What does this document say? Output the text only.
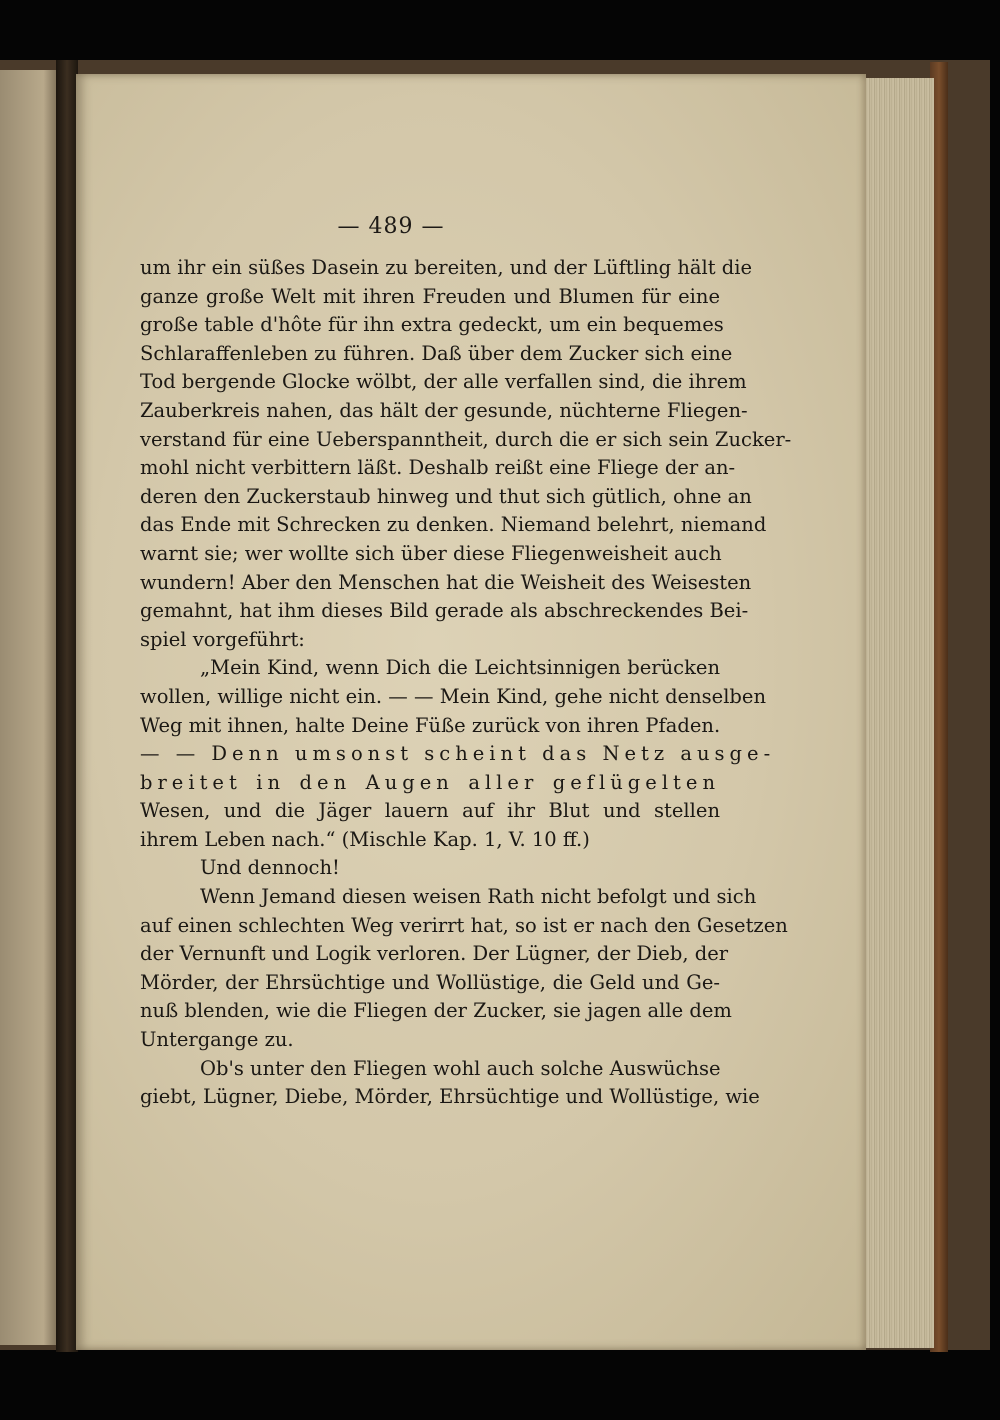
— 489 —
um ihr ein süßes Dasein zu bereiten, und der Lüftling hält die
ganze große Welt mit ihren Freuden und Blumen für eine
große table d'hôte für ihn extra gedeckt, um ein bequemes
Schlaraffenleben zu führen. Daß über dem Zucker sich eine
Tod bergende Glocke wölbt, der alle verfallen sind, die ihrem
Zauberkreis nahen, das hält der gesunde, nüchterne Fliegen-
verstand für eine Ueberspanntheit, durch die er sich sein Zucker-
mohl nicht verbittern läßt. Deshalb reißt eine Fliege der an-
deren den Zuckerstaub hinweg und thut sich gütlich, ohne an
das Ende mit Schrecken zu denken. Niemand belehrt, niemand
warnt sie; wer wollte sich über diese Fliegenweisheit auch
wundern! Aber den Menschen hat die Weisheit des Weisesten
gemahnt, hat ihm dieses Bild gerade als abschreckendes Bei-
spiel vorgeführt:
„Mein Kind, wenn Dich die Leichtsinnigen berücken
wollen, willige nicht ein. — — Mein Kind, gehe nicht denselben
Weg mit ihnen, halte Deine Füße zurück von ihren Pfaden.
— — Denn umsonst scheint das Netz ausge-
breitet in den Augen aller geflügelten
Wesen, und die Jäger lauern auf ihr Blut und stellen
ihrem Leben nach.“ (Mischle Kap. 1, V. 10 ff.)
Und dennoch!
Wenn Jemand diesen weisen Rath nicht befolgt und sich
auf einen schlechten Weg verirrt hat, so ist er nach den Gesetzen
der Vernunft und Logik verloren. Der Lügner, der Dieb, der
Mörder, der Ehrsüchtige und Wollüstige, die Geld und Ge-
nuß blenden, wie die Fliegen der Zucker, sie jagen alle dem
Untergange zu.
Ob's unter den Fliegen wohl auch solche Auswüchse
giebt, Lügner, Diebe, Mörder, Ehrsüchtige und Wollüstige, wie
